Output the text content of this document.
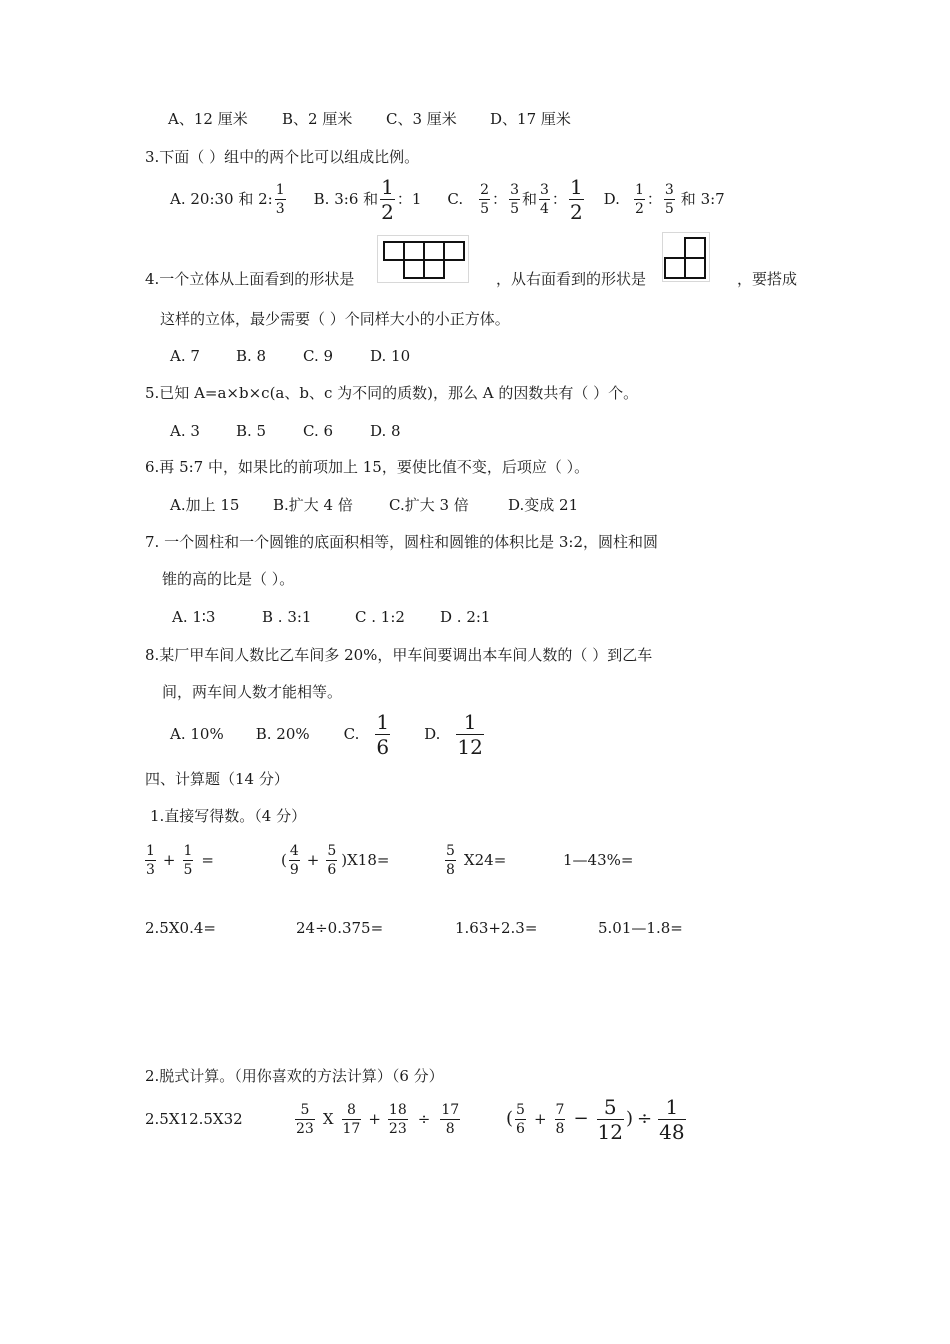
A、12 厘米 B、2 厘米 C、3 厘米 D、17 厘米
3.下面（ ）组中的两个比可以组成比例。
A. 20:30 和 2: $\frac{1}{3} B$. 3:6 和 $\frac{1}{2}$ ：1 C. $\frac{2}{5}$ ： $\frac{3}{5}$ 和 $\frac{3}{4}$ ： $\frac{1}{2} D$. $\frac{1}{2}$ ： $\frac{3}{5}$ 和 3:7
4.一个立体从上面看到的形状是	，从右面看到的形状是	，要搭成
这样的立体，最少需要（ ）个同样大小的小正方体。
A. 7 B. 8 C. 9 D. 10
5.已知 A=a×b×c(a、b、c 为不同的质数)，那么 A 的因数共有（ ）个。
A. 3 B. 5 C. 6 D. 8
6.再 5:7 中，如果比的前项加上 15，要使比值不变，后项应（ ）。
A.加上 15 B.扩大 4 倍 C.扩大 3 倍	D.变成 21
7. 一个圆柱和一个圆锥的底面积相等，圆柱和圆锥的体积比是 3:2，圆柱和圆
锥的高的比是（ ）。
A. 1∶3	B . 3:1	C . 1:2 D . 2:1
8.某厂甲车间人数比乙车间多 20%，甲车间要调出本车间人数的（ ）到乙车
间，两车间人数才能相等。
A. 10% B. 20% C. $\frac{1}{6} D$. $\frac{1}{12}$
四、计算题（14 分）
1.直接写得数。（4 分）
$\frac{1}{3} + \frac{1}{5}$ =	( $\frac{4}{9} + \frac{5}{6} )X18=$	$\frac{5}{8} X24=$	1—43%=
2.5X0.4=	24÷0.375=	1.63+2.3=	5.01—1.8=
2.脱式计算。（用你喜欢的方法计算）（6 分）
2.5X12.5X32	$\frac{5}{23}$ X $\frac{8}{17} + \frac{18}{23} \div \frac{17}{8}$	( $\frac{5}{6} + \frac{7}{8} - \frac{5}{12}$ ) ÷ $\frac{1}{48}$
